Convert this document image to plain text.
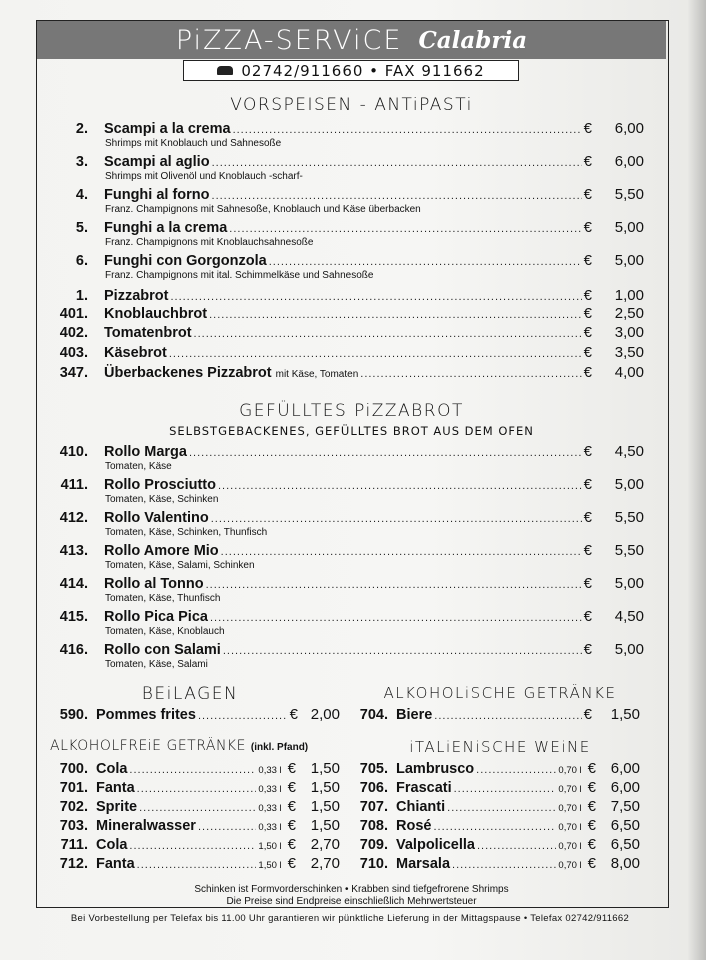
PiZZA-SERViCE Calabria
02742/911660 • FAX 911662
VORSPEISEN - ANTiPASTi
2. Scampi a la crema .....	€	6,00
Shrimps mit Knoblauch und Sahnesoße
3. Scampi al aglio .....	€	6,00
Shrimps mit Olivenöl und Knoblauch -scharf-
4. Funghi al forno .....	€	5,50
Franz. Champignons mit Sahnesoße, Knoblauch und Käse überbacken
5. Funghi a la crema .....	€	5,00
Franz. Champignons mit Knoblauchsahnesoße
6. Funghi con Gorgonzola .....	€	5,00
Franz. Champignons mit ital. Schimmelkäse und Sahnesoße
1. Pizzabrot .....	€	1,00
401. Knoblauchbrot .....	€	2,50
402. Tomatenbrot .....	€	3,00
403. Käsebrot .....	€	3,50
347. Überbackenes Pizzabrot mit Käse, Tomaten .....	€	4,00
GEFÜLLTES PiZZABROT
SELBSTGEBACKENES, GEFÜLLTES BROT AUS DEM OFEN
410. Rollo Marga .....	€	4,50
Tomaten, Käse
411. Rollo Prosciutto .....	€	5,00
Tomaten, Käse, Schinken
412. Rollo Valentino .....	€	5,50
Tomaten, Käse, Schinken, Thunfisch
413. Rollo Amore Mio .....	€	5,50
Tomaten, Käse, Salami, Schinken
414. Rollo al Tonno .....	€	5,00
Tomaten, Käse, Thunfisch
415. Rollo Pica Pica .....	€	4,50
Tomaten, Käse, Knoblauch
416. Rollo con Salami .....	€	5,00
Tomaten, Käse, Salami
BEiLAGEN	ALKOHOLiSCHE GETRÄNKE
590. Pommes frites .....	€ 2,00	704. Biere .....	€	1,50
ALKOHOLFREiE GETRÄNKE (inkl. Pfand)	iTALiENiSCHE WEiNE
700. Cola .....	0,33 l € 1,50
701. Fanta .....	0,33 l € 1,50
702. Sprite .....	0,33 l € 1,50
703. Mineralwasser .....	0,33 l € 1,50
711. Cola .....	1,50 l € 2,70
712. Fanta .....	1,50 l € 2,70
705. Lambrusco .....	0,70 l € 6,00
706. Frascati .....	0,70 l € 6,00
707. Chianti .....	0,70 l € 7,50
708. Rosé .....	0,70 l € 6,50
709. Valpolicella .....	0,70 l € 6,50
710. Marsala .....	0,70 l € 8,00
Schinken ist Formvorderschinken • Krabben sind tiefgefrorene Shrimps
Die Preise sind Endpreise einschließlich Mehrwertsteuer
Bei Vorbestellung per Telefax bis 11.00 Uhr garantieren wir pünktliche Lieferung in der Mittagspause • Telefax 02742/911662
